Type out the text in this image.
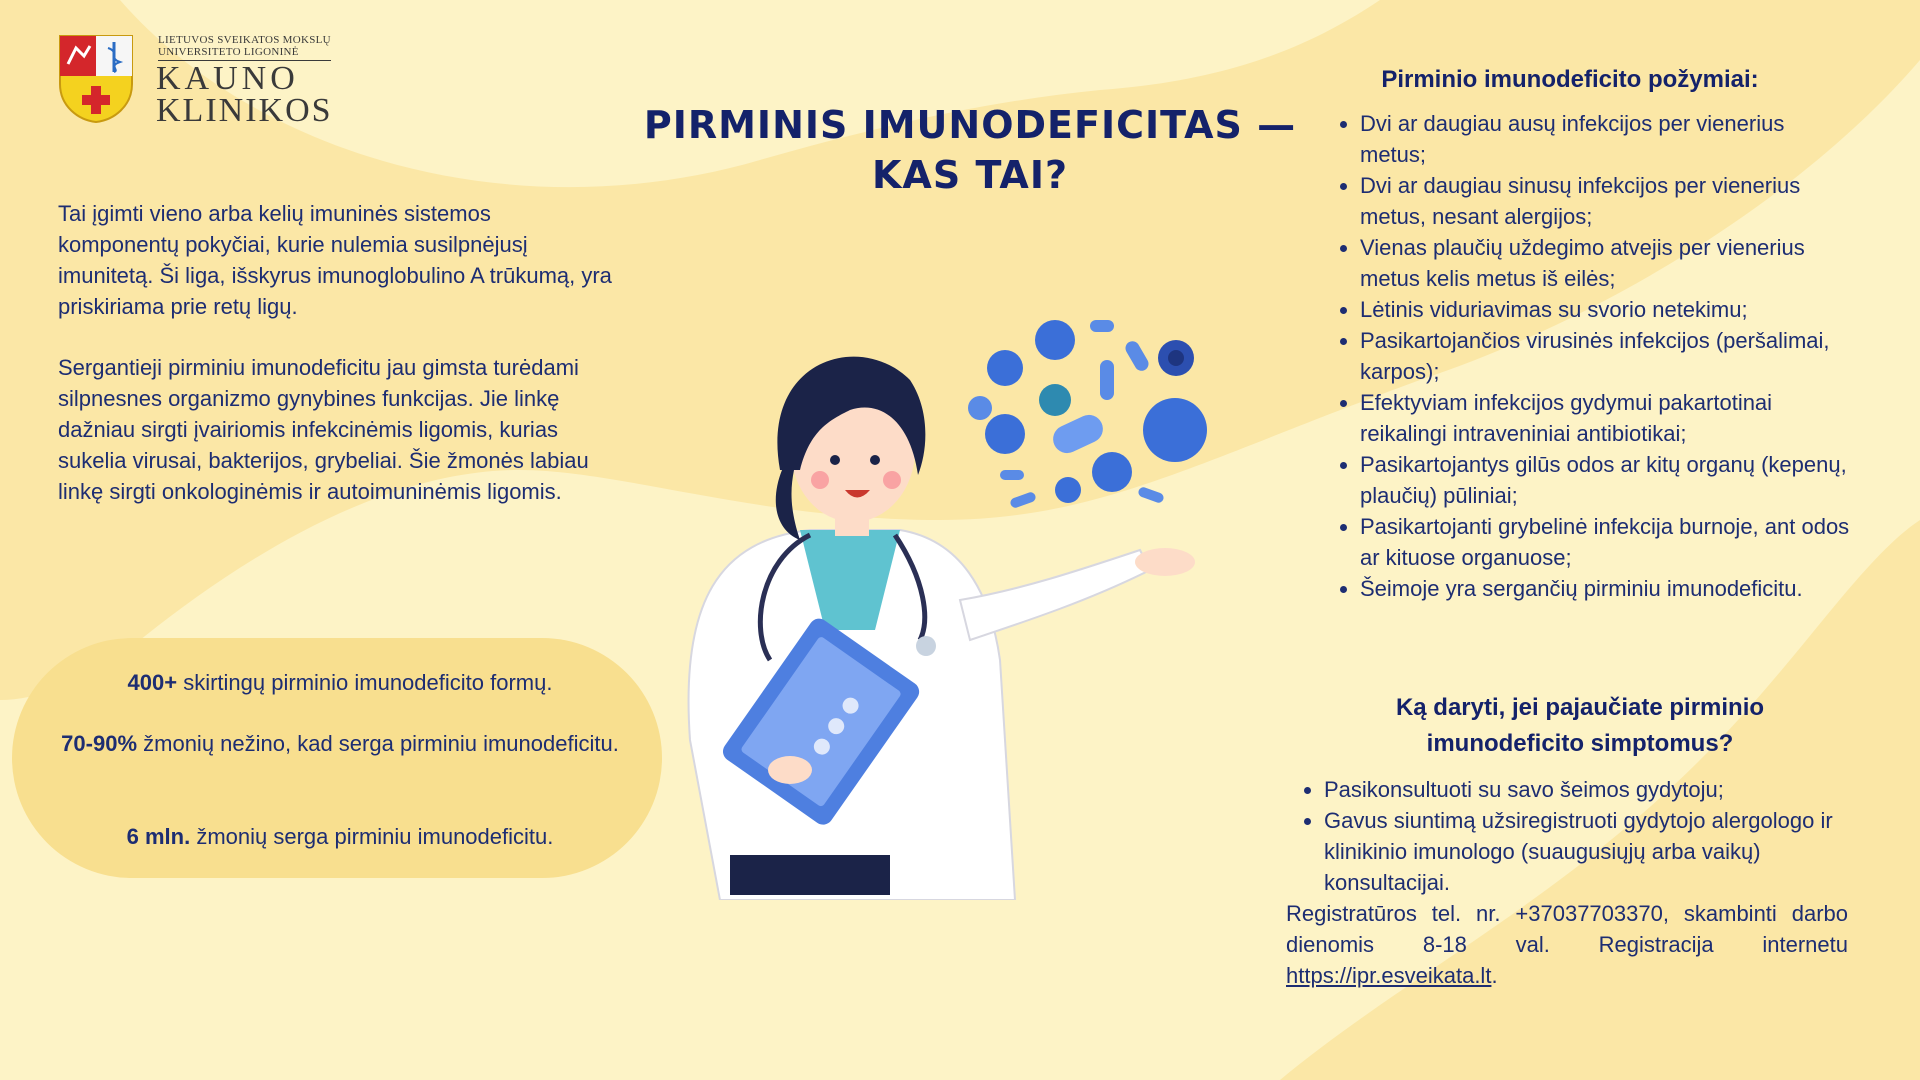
LIETUVOS SVEIKATOS MOKSLŲ
UNIVERSITETO LIGONINĖ
KAUNO
KLINIKOS	PIRMINIS IMUNODEFICITAS —
KAS TAI?
Tai įgimti vieno arba kelių imuninės sistemos komponentų pokyčiai, kurie nulemia susilpnėjusį imunitetą. Ši liga, išskyrus imunoglobulino A trūkumą, yra priskiriama prie retų ligų.
Sergantieji pirminiu imunodeficitu jau gimsta turėdami silpnesnes organizmo gynybines funkcijas. Jie linkę dažniau sirgti įvairiomis infekcinėmis ligomis, kurias sukelia virusai, bakterijos, grybeliai. Šie žmonės labiau linkę sirgti onkologinėmis ir autoimuninėmis ligomis.
400+ skirtingų pirminio imunodeficito formų.
70-90% žmonių nežino, kad serga pirminiu imunodeficitu.
6 mln. žmonių serga pirminiu imunodeficitu.
Pirminio imunodeficito požymiai:
Dvi ar daugiau ausų infekcijos per vienerius metus;
Dvi ar daugiau sinusų infekcijos per vienerius metus, nesant alergijos;
Vienas plaučių uždegimo atvejis per vienerius metus kelis metus iš eilės;
Lėtinis viduriavimas su svorio netekimu;
Pasikartojančios virusinės infekcijos (peršalimai, karpos);
Efektyviam infekcijos gydymui pakartotinai reikalingi intraveniniai antibiotikai;
Pasikartojantys gilūs odos ar kitų organų (kepenų, plaučių) pūliniai;
Pasikartojanti grybelinė infekcija burnoje, ant odos ar kituose organuose;
Šeimoje yra sergančių pirminiu imunodeficitu.
Ką daryti, jei pajaučiate pirminio
imunodeficito simptomus?
Pasikonsultuoti su savo šeimos gydytoju;
Gavus siuntimą užsiregistruoti gydytojo alergologo ir klinikinio imunologo (suaugusiųjų arba vaikų) konsultacijai.
Registratūros tel. nr. +37037703370, skambinti darbo dienomis 8-18 val. Registracija internetu https://ipr.esveikata.lt.
